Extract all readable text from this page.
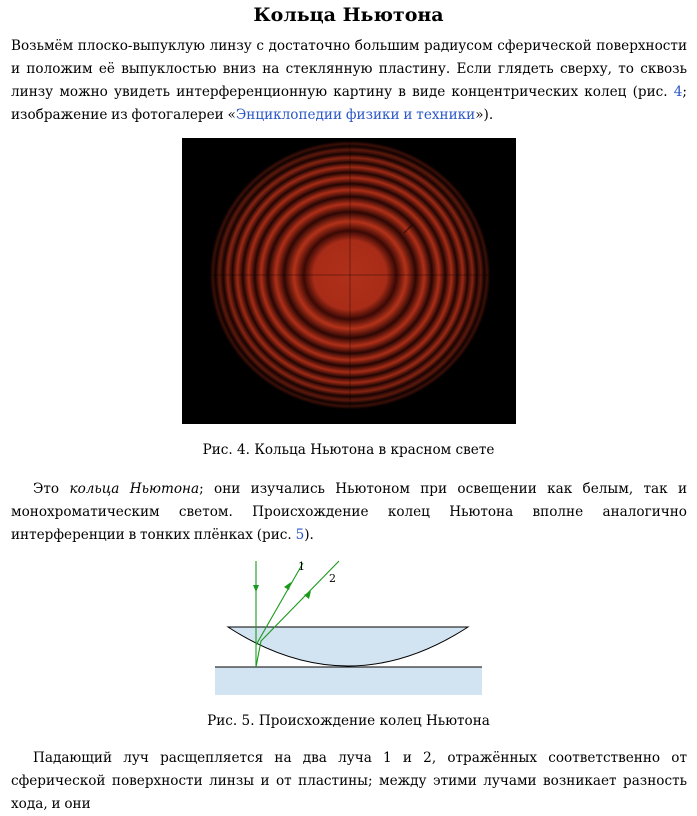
Кольца Ньютона

Возьмём плоско-выпуклую линзу с достаточно большим радиусом сферической поверхности и положим её выпуклостью вниз на стеклянную пластину. Если глядеть сверху, то сквозь линзу можно увидеть интерференционную картину в виде концентрических колец (рис. 4; изображение из фотогалереи «Энциклопедии физики и техники»).

Рис. 4. Кольца Ньютона в красном свете

Это кольца Ньютона; они изучались Ньютоном при освещении как белым, так и монохроматическим светом. Происхождение колец Ньютона вполне аналогично интерференции в тонких плёнках (рис. 5).

1
2

Рис. 5. Происхождение колец Ньютона

Падающий луч расщепляется на два луча 1 и 2, отражённых соответственно от сферической поверхности линзы и от пластины; между этими лучами возникает разность хода, и они
